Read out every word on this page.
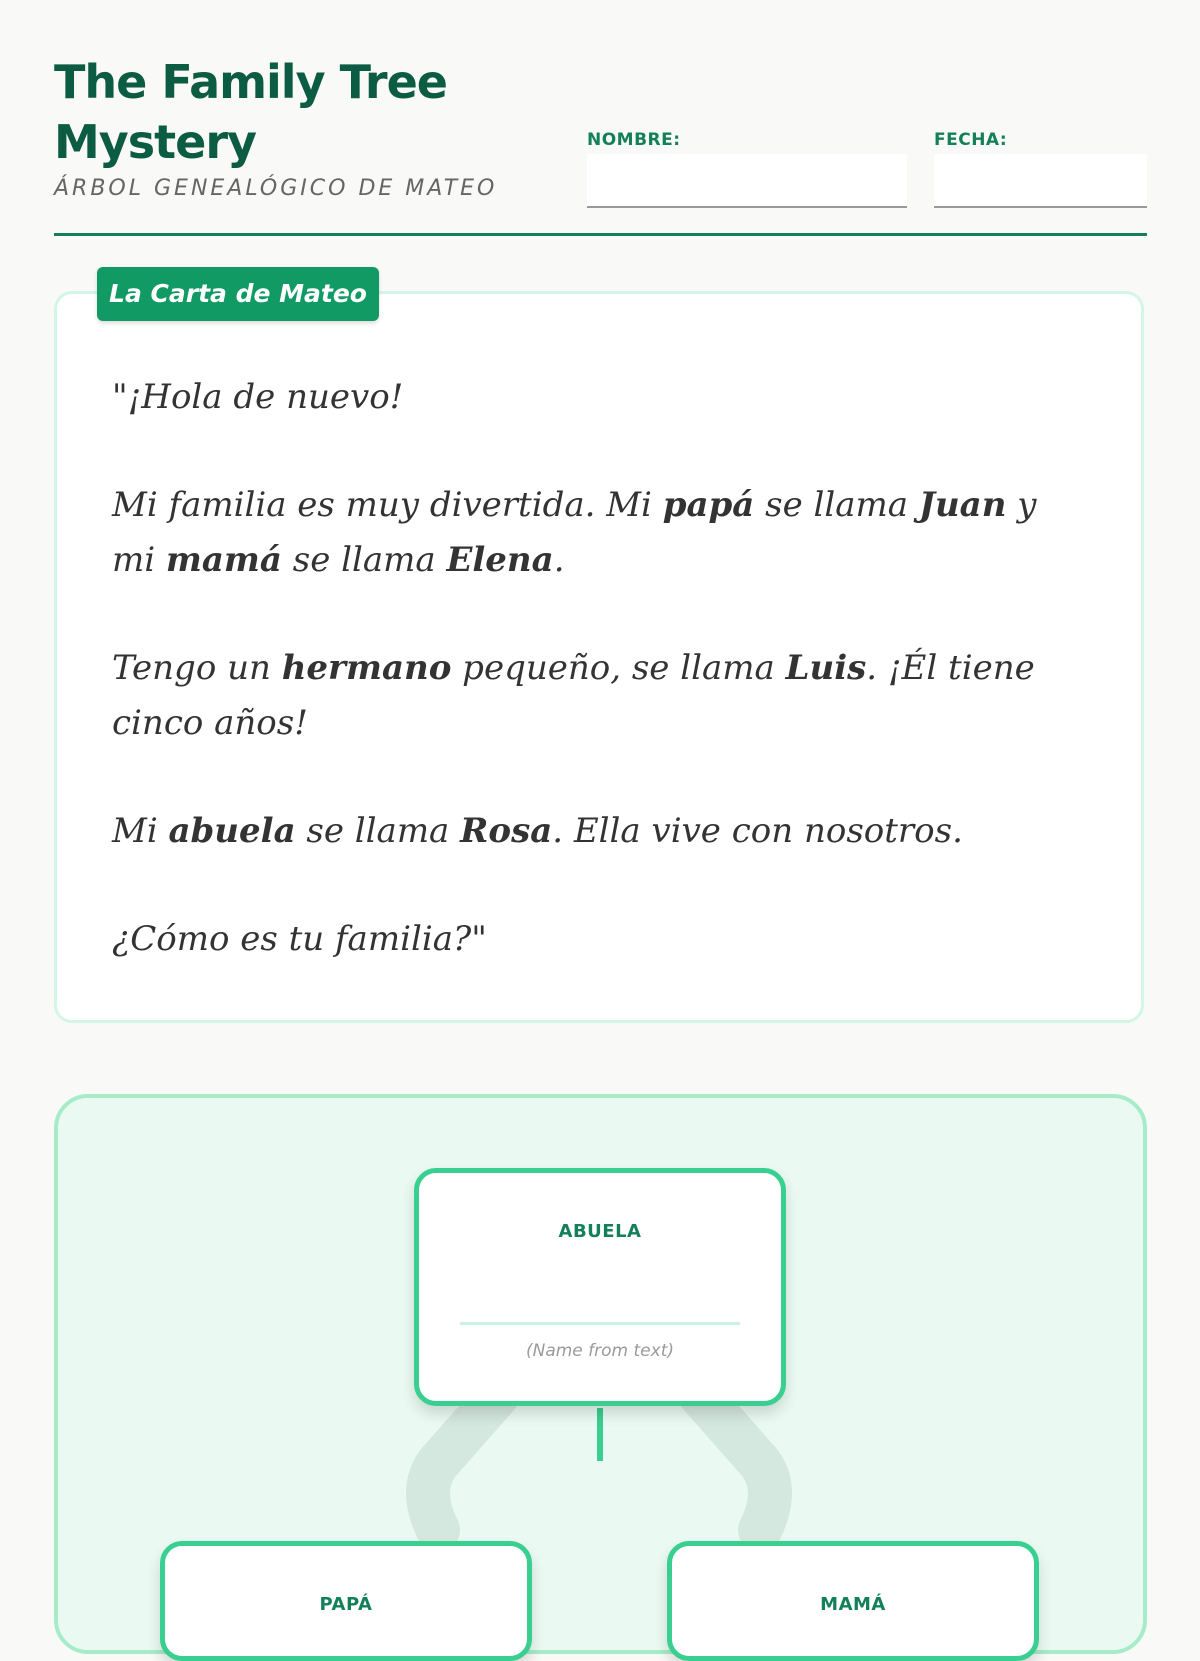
The Family Tree
Mystery
ÁRBOL GENEALÓGICO DE MATEO
NOMBRE:	FECHA:
La Carta de Mateo

"¡Hola de nuevo!

Mi familia es muy divertida. Mi papá se llama Juan y mi mamá se llama Elena.

Tengo un hermano pequeño, se llama Luis. ¡Él tiene cinco años!

Mi abuela se llama Rosa. Ella vive con nosotros.

¿Cómo es tu familia?"

ABUELA
(Name from text)
PAPÁ	MAMÁ
